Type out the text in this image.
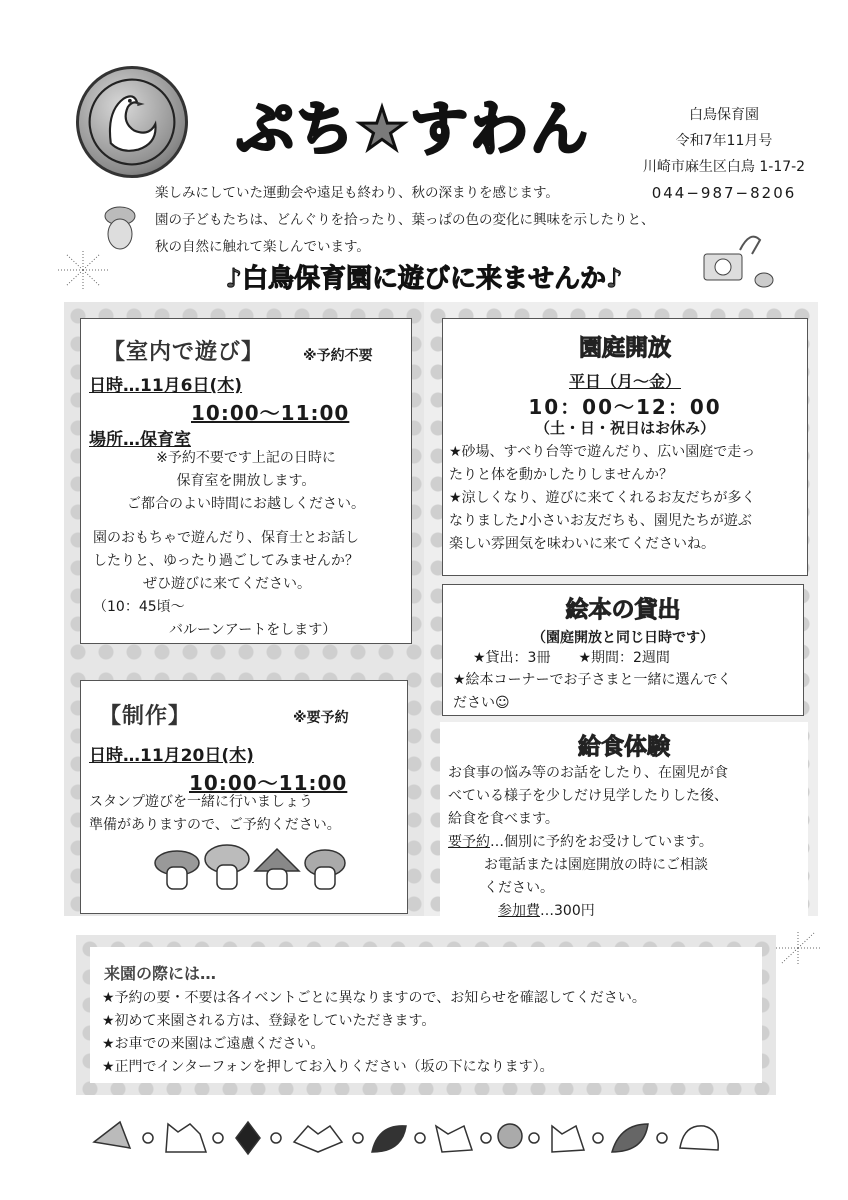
ぷち★すわん	白鳥保育園
令和7年11月号
川崎市麻生区白鳥 1-17-2
044−987−8206
楽しみにしていた運動会や遠足も終わり、秋の深まりを感じます。
園の子どもたちは、どんぐりを拾ったり、葉っぱの色の変化に興味を示したりと、
秋の自然に触れて楽しんでいます。
♪白鳥保育園に遊びに来ませんか♪
【室内で遊び】	※予約不要
日時…11月6日(木)
10:00〜11:00
場所…保育室
※予約不要です上記の日時に
保育室を開放します。
ご都合のよい時間にお越しください。
園のおもちゃで遊んだり、保育士とお話し
したりと、ゆったり過ごしてみませんか？
ぜひ遊びに来てください。
（10：45頃〜
バルーンアートをします）
【制作】	※要予約
日時…11月20日(木)
10:00〜11:00
スタンプ遊びを一緒に行いましょう
準備がありますので、ご予約ください。
園庭開放
平日（月〜金）
10：00〜12：00
（土・日・祝日はお休み）
★砂場、すべり台等で遊んだり、広い園庭で走っ
たりと体を動かしたりしませんか？
★涼しくなり、遊びに来てくれるお友だちが多く
なりました♪小さいお友だちも、園児たちが遊ぶ
楽しい雰囲気を味わいに来てくださいね。
絵本の貸出
（園庭開放と同じ日時です）
★貸出：3冊　　★期間：2週間
★絵本コーナーでお子さまと一緒に選んでく
ださい☺
給食体験
お食事の悩み等のお話をしたり、在園児が食
べている様子を少しだけ見学したりした後、
給食を食べます。
要予約…個別に予約をお受けしています。
お電話または園庭開放の時にご相談
ください。
参加費…300円
来園の際には…
★予約の要・不要は各イベントごとに異なりますので、お知らせを確認してください。
★初めて来園される方は、登録をしていただきます。
★お車での来園はご遠慮ください。
★正門でインターフォンを押してお入りください（坂の下になります）。
